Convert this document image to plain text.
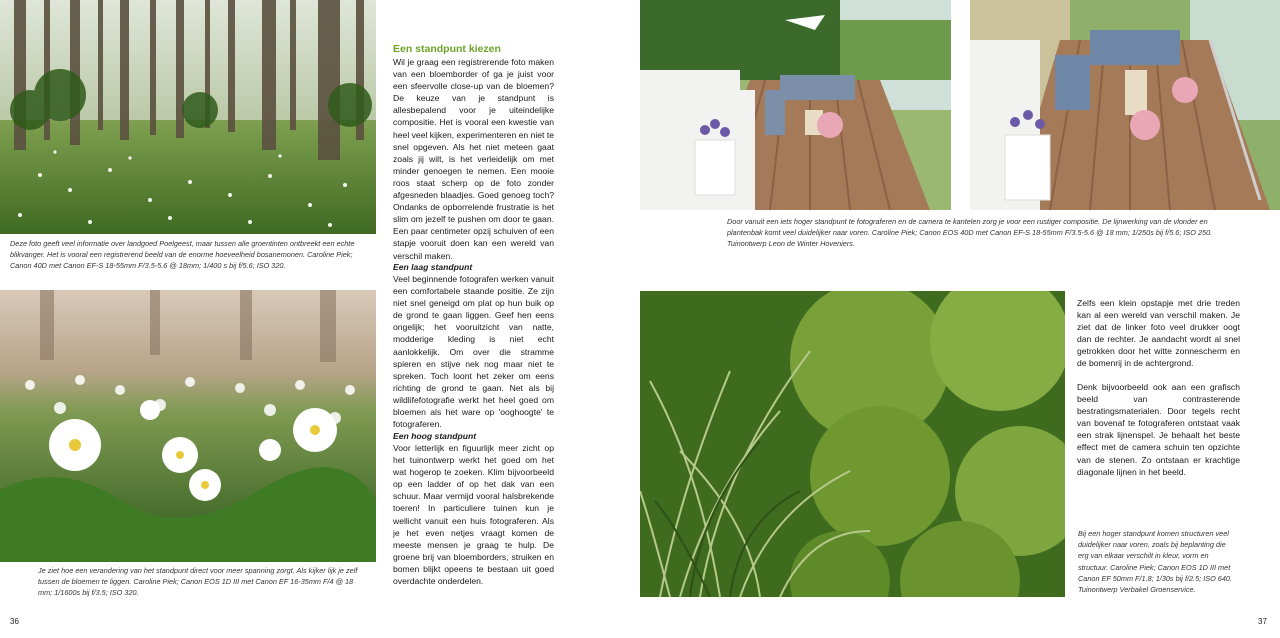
Deze foto geeft veel informatie over landgoed Poelgeest, maar tussen alle groentinten ontbreekt een echte blikvanger. Het is vooral een registrerend beeld van de enorme hoeveelheid bosanemonen. Caroline Piek; Canon 40D met Canon EF-S 18-55mm F/3.5-5.6 @ 18mm; 1/400 s bij f/5.6; ISO 320.

Je ziet hoe een verandering van het standpunt direct voor meer spanning zorgt. Als kijker lijk je zelf tussen de bloemen te liggen. Caroline Piek; Canon EOS 1D III met Canon EF 16-35mm F/4 @ 18 mm; 1/1600s bij f/3.5; ISO 320.

Een standpunt kiezen

Wil je graag een registrerende foto maken van een bloemborder of ga je juist voor een sfeervolle close-up van de bloemen? De keuze van je standpunt is allesbepalend voor je uiteindelijke compositie. Het is vooral een kwestie van heel veel kijken, experimenteren en niet te snel opgeven. Als het niet meteen gaat zoals jij wilt, is het verleidelijk om met minder genoegen te nemen. Een mooie roos staat scherp op de foto zonder afgesneden blaadjes. Goed genoeg toch? Ondanks de opborrelende frustratie is het slim om jezelf te pushen om door te gaan. Een paar centimeter opzij schuiven of een stapje vooruit doen kan een wereld van verschil maken.

Een laag standpunt

Veel beginnende fotografen werken vanuit een comfortabele staande positie. Ze zijn niet snel geneigd om plat op hun buik op de grond te gaan liggen. Geef hen eens ongelijk; het vooruitzicht van natte, modderige kleding is niet echt aanlokkelijk. Om over die stramme spieren en stijve nek nog maar niet te spreken. Toch loont het zeker om eens richting de grond te gaan. Net als bij wildlifefotografie werkt het heel goed om bloemen als het ware op 'ooghoogte' te fotograferen.

Een hoog standpunt

Voor letterlijk en figuurlijk meer zicht op het tuinontwerp werkt het goed om het wat hogerop te zoeken. Klim bijvoorbeeld op een ladder of op het dak van een schuur. Maar vermijd vooral halsbrekende toeren! In particuliere tuinen kun je wellicht vanuit een huis fotograferen. Als je het even netjes vraagt komen de meeste mensen je graag te hulp. De groene brij van bloemborders, struiken en bomen blijkt opeens te bestaan uit goed overdachte onderdelen.

36

Door vanuit een iets hoger standpunt te fotograferen en de camera te kantelen zorg je voor een rustiger compositie. De lijnwerking van de vlonder en plantenbak komt veel duidelijker naar voren. Caroline Piek; Canon EOS 40D met Canon EF-S 18-55mm F/3.5-5.6 @ 18 mm; 1/250s bij f/5.6; ISO 250. Tuinontwerp Leon de Winter Hoveniers.

Zelfs een klein opstapje met drie treden kan al een wereld van verschil maken. Je ziet dat de linker foto veel drukker oogt dan de rechter. Je aandacht wordt al snel getrokken door het witte zonnescherm en de bomenrij in de achtergrond.

Denk bijvoorbeeld ook aan een grafisch beeld van contrasterende bestratingsmaterialen. Door tegels recht van bovenaf te fotograferen ontstaat vaak een strak lijnenspel. Je behaalt het beste effect met de camera schuin ten opzichte van de stenen. Zo ontstaan er krachtige diagonale lijnen in het beeld.

Bij een hoger standpunt komen structuren veel duidelijker naar voren, zoals bij beplanting die erg van elkaar verschilt in kleur, vorm en structuur. Caroline Piek; Canon EOS 1D III met Canon EF 50mm F/1.8; 1/30s bij f/2.5; ISO 640. Tuinontwerp Verbakel Groenservice.

37
